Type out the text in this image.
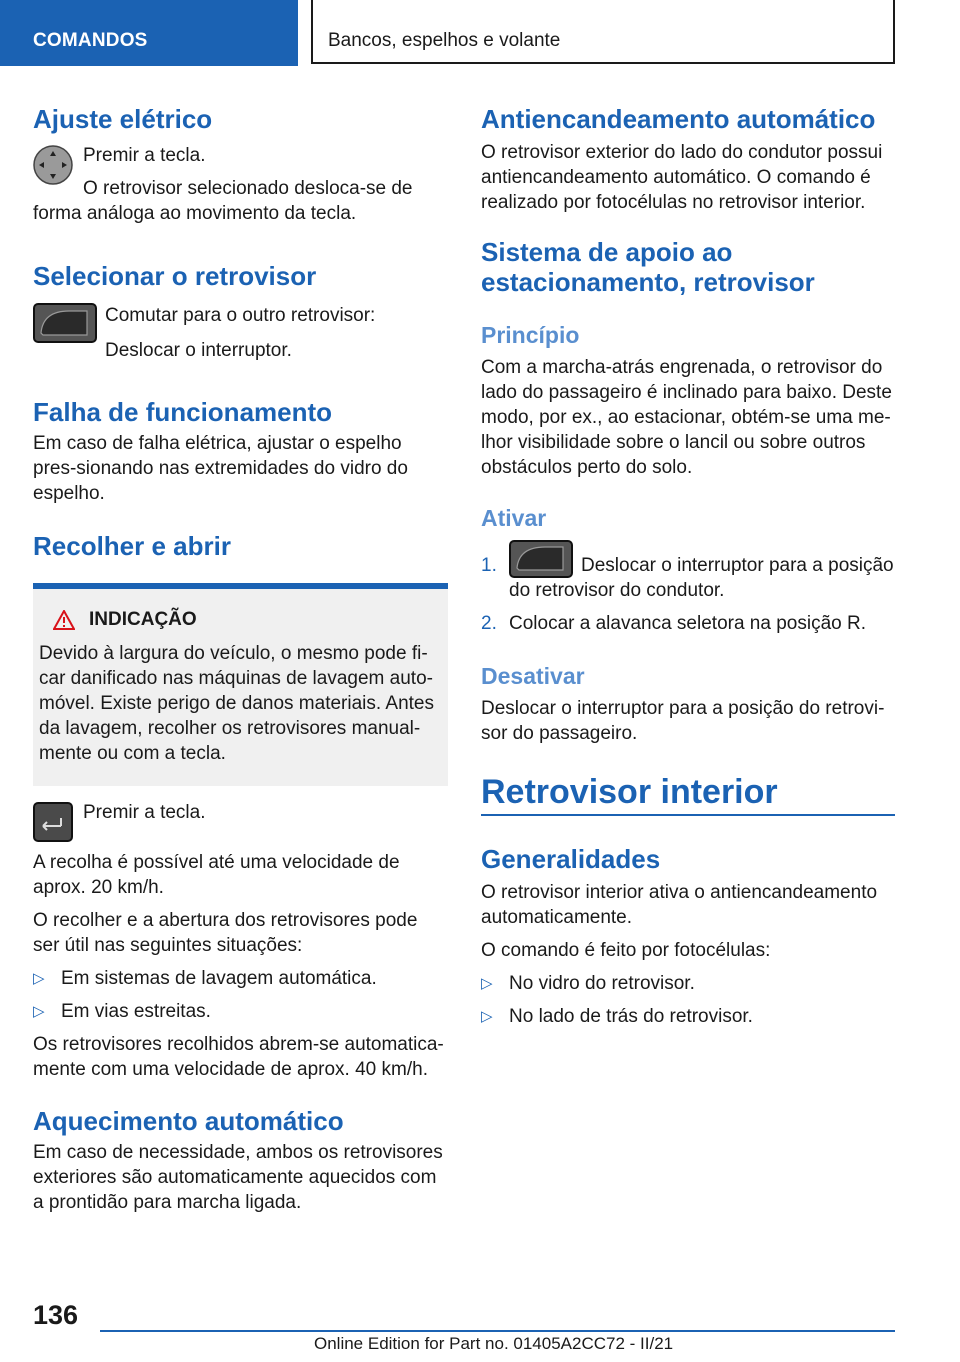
COMANDOS	Bancos, espelhos e volante
Ajuste elétrico

Premir a tecla.

O retrovisor selecionado desloca-se de

forma análoga ao movimento da tecla.

Selecionar o retrovisor

Comutar para o outro retrovisor:

Deslocar o interruptor.

Falha de funcionamento

Em caso de falha elétrica, ajustar o espelho pres-sionando nas extremidades do vidro do espelho.

Recolher e abrir
INDICAÇÃO

Devido à largura do veículo, o mesmo pode fi-car danificado nas máquinas de lavagem auto-móvel. Existe perigo de danos materiais. Antes da lavagem, recolher os retrovisores manual-mente ou com a tecla.

Premir a tecla.

A recolha é possível até uma velocidade de aprox. 20 km/h.

O recolher e a abertura dos retrovisores pode ser útil nas seguintes situações:

▷ Em sistemas de lavagem automática.
▷ Em vias estreitas.

Os retrovisores recolhidos abrem-se automatica-mente com uma velocidade de aprox. 40 km/h.

Aquecimento automático

Em caso de necessidade, ambos os retrovisores exteriores são automaticamente aquecidos com a prontidão para marcha ligada.

Antiencandeamento automático

O retrovisor exterior do lado do condutor possui antiencandeamento automático. O comando é realizado por fotocélulas no retrovisor interior.

Sistema de apoio ao estacionamento, retrovisor
Princípio

Com a marcha-atrás engrenada, o retrovisor do lado do passageiro é inclinado para baixo. Deste modo, por ex., ao estacionar, obtém-se uma me-lhor visibilidade sobre o lancil ou sobre outros obstáculos perto do solo.

Ativar
1.	Deslocar o interruptor para a posição
do retrovisor do condutor.
2. Colocar a alavanca seletora na posição R.
Desativar

Deslocar o interruptor para a posição do retrovi-sor do passageiro.

Retrovisor interior
Generalidades

O retrovisor interior ativa o antiencandeamento automaticamente.

O comando é feito por fotocélulas:

▷ No vidro do retrovisor.
▷ No lado de trás do retrovisor.
136
Online Edition for Part no. 01405A2CC72 - II/21
